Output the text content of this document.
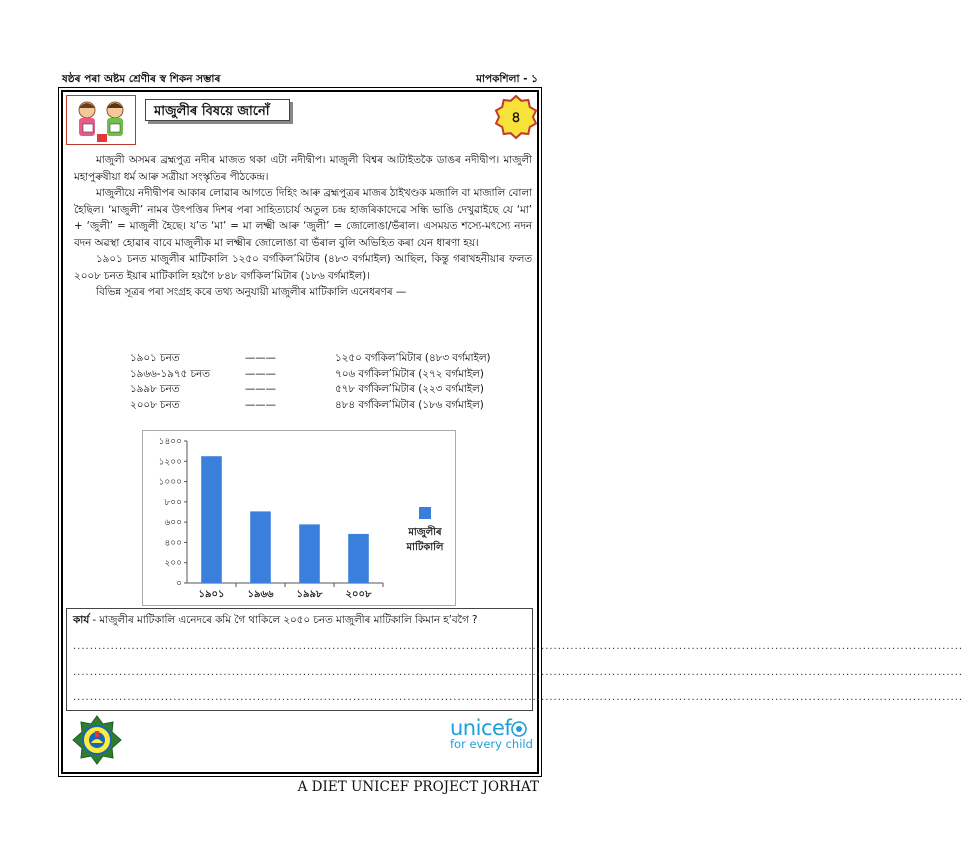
ষষ্ঠৰ পৰা অষ্টম শ্ৰেণীৰ স্ব শিকন সম্ভাৰ	মাপকশিলা - ১
মাজুলীৰ বিষয়ে জানোঁ	৪

মাজুলী অসমৰ ব্ৰহ্মপুত্ৰ নদীৰ মাজত থকা এটা নদীদ্বীপ। মাজুলী বিশ্বৰ আটাইতকৈ ডাঙৰ নদীদ্বীপ। মাজুলী মহাপুৰুষীয়া ধৰ্ম আৰু সত্ৰীয়া সংস্কৃতিৰ পীঠকেন্দ্ৰ।

মাজুলীয়ে নদীদ্বীপৰ আকাৰ লোৱাৰ আগতে দিহিং আৰু ব্ৰহ্মপুত্ৰৰ মাজৰ ঠাইখণ্ডক মজালি বা মাজালি বোলা হৈছিল। ‘মাজুলী’ নামৰ উৎপত্তিৰ দিশৰ পৰা সাহিত্যচাৰ্য অতুল চন্দ্ৰ হাজৰিকাদেৱে সন্ধি ভাঙি দেখুৱাইছে যে ‘মা’ + ‘জুলী’ = মাজুলী হৈছে। য’ত ‘মা’ = মা লক্ষ্মী আৰু ‘জুলী’ = জোলোঙা/ভঁৰাল। এসময়ত শস্যে-মৎস্যে নদন বদন অৱস্থা হোৱাৰ বাবে মাজুলীক মা লক্ষ্মীৰ জোলোঙা বা ভঁৰাল বুলি অভিহিত কৰা যেন ধাৰণা হয়।

১৯০১ চনত মাজুলীৰ মাটিকালি ১২৫০ বৰ্গকিল’মিটাৰ (৪৮৩ বৰ্গমাইল) আছিল, কিন্তু গৰাখহনীয়াৰ ফলত ২০০৮ চনত ইয়াৰ মাটিকালি হয়গৈ ৮৪৮ বৰ্গকিল’মিটাৰ (১৮৬ বৰ্গমাইল)।

বিভিন্ন সূত্ৰৰ পৰা সংগ্ৰহ কৰে তথ্য অনুযায়ী মাজুলীৰ মাটিকালি এনেধৰণৰ —

১৯০১ চনত	———	১২৫০ বৰ্গকিল’মিটাৰ (৪৮৩ বৰ্গমাইল)
১৯৬৬-১৯৭৫ চনত	———	৭০৬ বৰ্গকিল’মিটাৰ (২৭২ বৰ্গমাইল)
১৯৯৮ চনত	———	৫৭৮ বৰ্গকিল’মিটাৰ (২২৩ বৰ্গমাইল)
২০০৮ চনত	———	৪৮৪ বৰ্গকিল’মিটাৰ (১৮৬ বৰ্গমাইল)
০
২০০
৪০০
৬০০
৮০০
১০০০
১২০০
১৪০০
১৯০১ ১৯৬৬ ১৯৯৮ ২০০৮
মাজুলীৰ
মাটিকালি
কাৰ্য - মাজুলীৰ মাটিকালি এনেদৰে কমি গৈ থাকিলে ২০৫০ চনত মাজুলীৰ মাটিকালি কিমান হ’বগৈ ?
.....................................................................................................................................................................................................................
.....................................................................................................................................................................................................................
.....................................................................................................................................................................................................................
unicef
for every child
A DIET UNICEF PROJECT JORHAT
